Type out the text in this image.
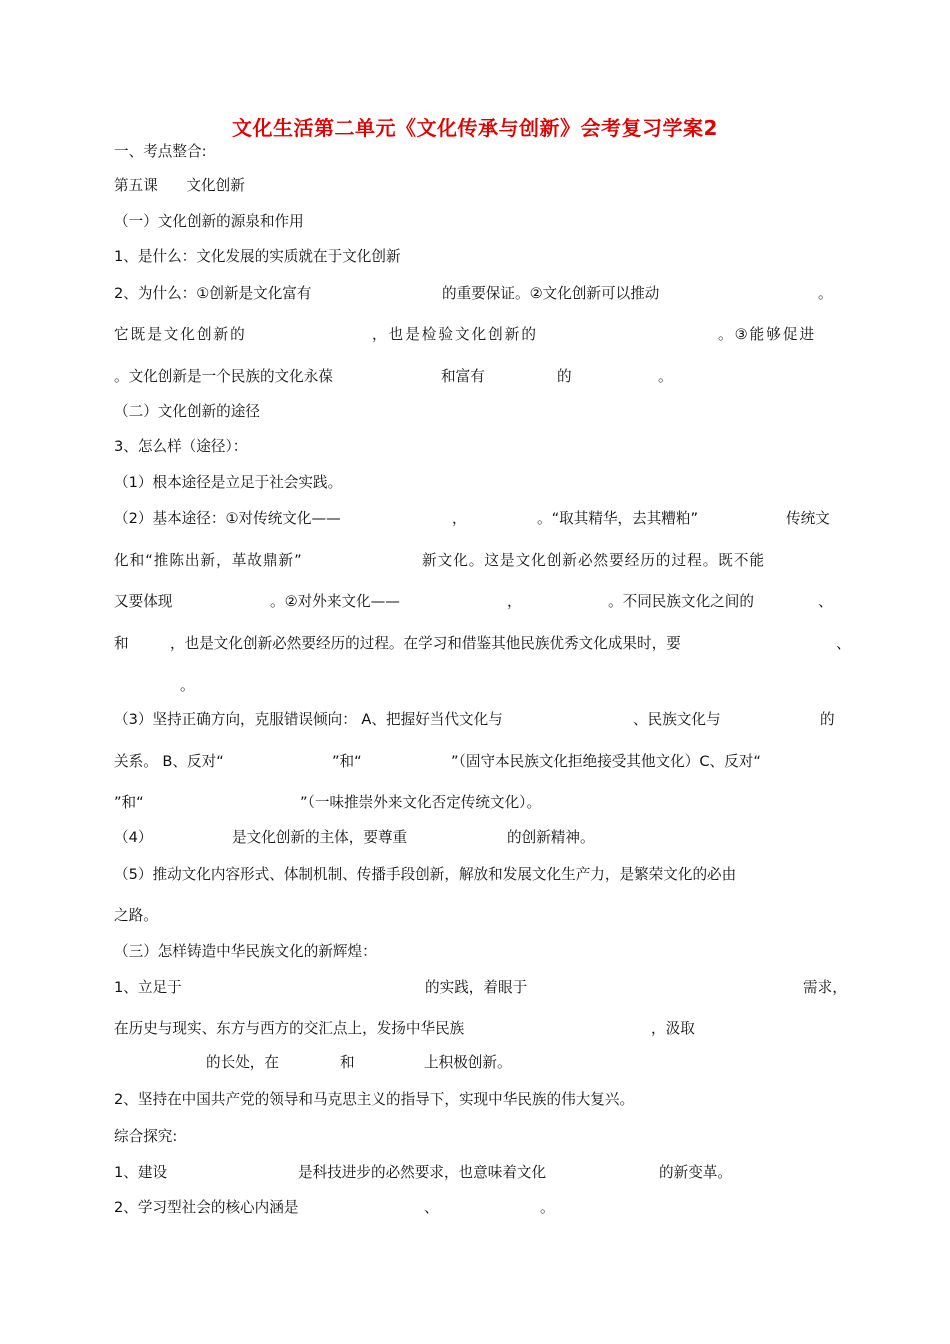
文化生活第二单元《文化传承与创新》会考复习学案2
一、考点整合:
第五课 文化创新
（一）文化创新的源泉和作用
1、是什么：文化发展的实质就在于文化创新
2、为什么：①创新是文化富有	的重要保证。②文化创新可以推动	。
它既是文化创新的	，也是检验文化创新的	。③能够促进
。文化创新是一个民族的文化永葆	和富有	的	。
（二）文化创新的途径
3、怎么样（途径）：
（1）根本途径是立足于社会实践。
（2）基本途径：①对传统文化——	，	。“取其精华，去其糟粕”	传统文
化和“推陈出新，革故鼎新”	新文化。这是文化创新必然要经历的过程。既不能
又要体现	。②对外来文化——	，	。不同民族文化之间的	、
和	，也是文化创新必然要经历的过程。在学习和借鉴其他民族优秀文化成果时，要	、
。
（3）坚持正确方向，克服错误倾向： A、把握好当代文化与	、民族文化与	的
关系。 B、反对“	”和“	”（固守本民族文化拒绝接受其他文化）C、反对“
”和“	”（一味推崇外来文化否定传统文化）。
（4）	是文化创新的主体，要尊重	的创新精神。
（5）推动文化内容形式、体制机制、传播手段创新，解放和发展文化生产力，是繁荣文化的必由
之路。
（三）怎样铸造中华民族文化的新辉煌：
1、立足于	的实践，着眼于	需求，
在历史与现实、东方与西方的交汇点上，发扬中华民族	，汲取
的长处，在	和	上积极创新。
2、坚持在中国共产党的领导和马克思主义的指导下，实现中华民族的伟大复兴。
综合探究:
1、建设	是科技进步的必然要求，也意味着文化	的新变革。
2、学习型社会的核心内涵是	、	。
